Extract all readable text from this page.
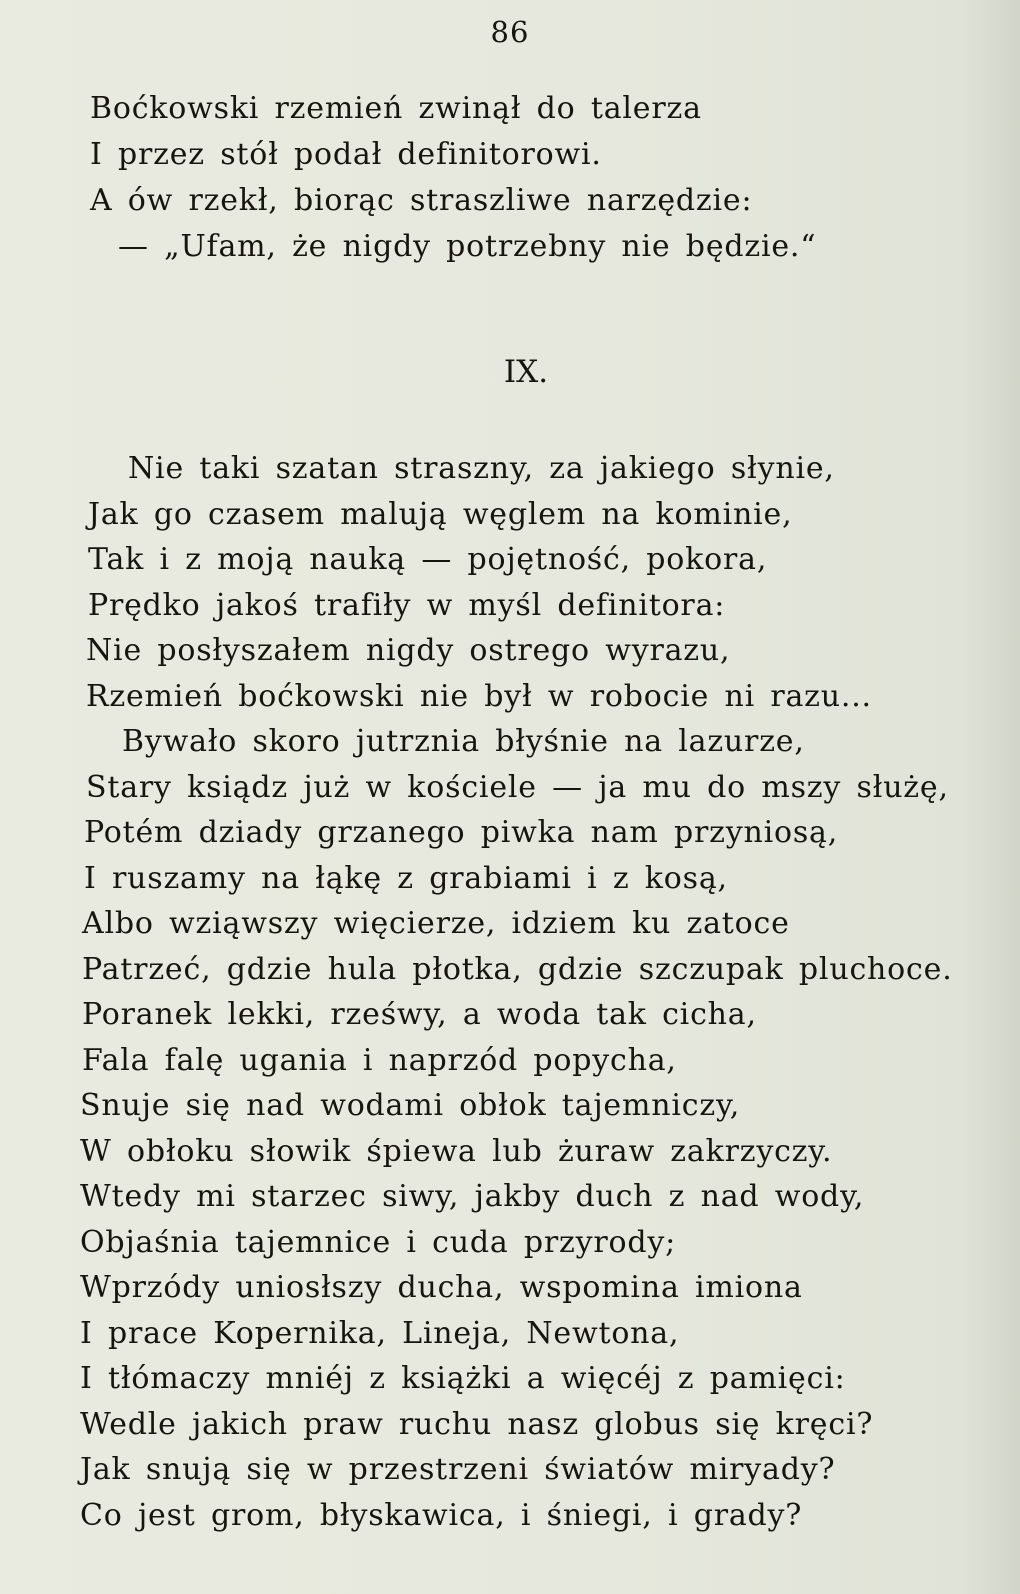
86
Boćkowski rzemień zwinął do talerza
I przez stół podał definitorowi.
A ów rzekł, biorąc straszliwe narzędzie:
— „Ufam, że nigdy potrzebny nie będzie.“
IX.
Nie taki szatan straszny, za jakiego słynie,
Jak go czasem malują węglem na kominie,
Tak i z moją nauką — pojętność, pokora,
Prędko jakoś trafiły w myśl definitora:
Nie posłyszałem nigdy ostrego wyrazu,
Rzemień boćkowski nie był w robocie ni razu...
Bywało skoro jutrznia błyśnie na lazurze,
Stary ksiądz już w kościele — ja mu do mszy służę,
Potém dziady grzanego piwka nam przyniosą,
I ruszamy na łąkę z grabiami i z kosą,
Albo wziąwszy więcierze, idziem ku zatoce
Patrzeć, gdzie hula płotka, gdzie szczupak pluchoce.
Poranek lekki, rześwy, a woda tak cicha,
Fala falę ugania i naprzód popycha,
Snuje się nad wodami obłok tajemniczy,
W obłoku słowik śpiewa lub żuraw zakrzyczy.
Wtedy mi starzec siwy, jakby duch z nad wody,
Objaśnia tajemnice i cuda przyrody;
Wprzódy uniosłszy ducha, wspomina imiona
I prace Kopernika, Lineja, Newtona,
I tłómaczy mniéj z książki a więcéj z pamięci:
Wedle jakich praw ruchu nasz globus się kręci?
Jak snują się w przestrzeni światów miryady?
Co jest grom, błyskawica, i śniegi, i grady?
